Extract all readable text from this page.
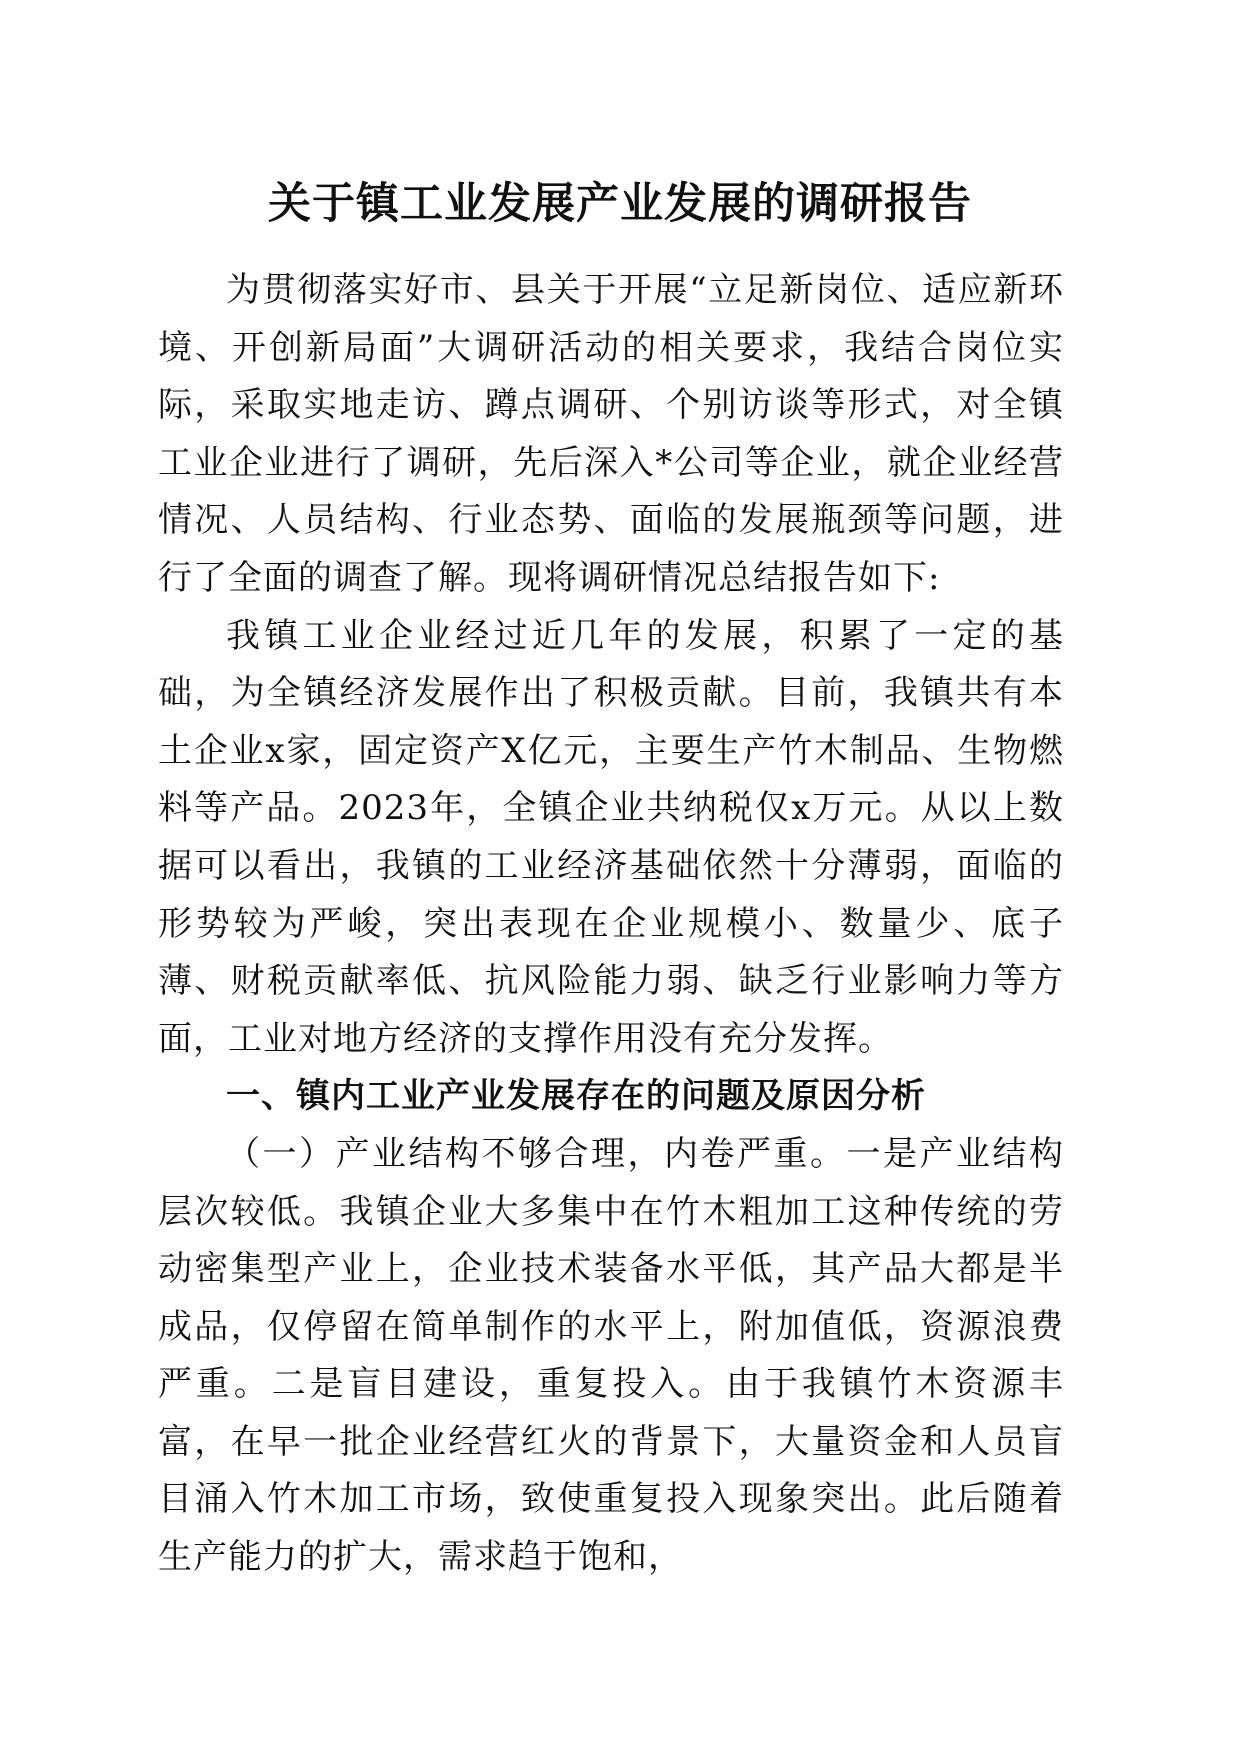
关于镇工业发展产业发展的调研报告

为贯彻落实好市、县关于开展“立足新岗位、适应新环境、开创新局面”大调研活动的相关要求，我结合岗位实际，采取实地走访、蹲点调研、个别访谈等形式，对全镇工业企业进行了调研，先后深入*公司等企业，就企业经营情况、人员结构、行业态势、面临的发展瓶颈等问题，进行了全面的调查了解。现将调研情况总结报告如下:

我镇工业企业经过近几年的发展，积累了一定的基础，为全镇经济发展作出了积极贡献。目前，我镇共有本土企业x家，固定资产X亿元，主要生产竹木制品、生物燃料等产品。2023年，全镇企业共纳税仅x万元。从以上数据可以看出，我镇的工业经济基础依然十分薄弱，面临的形势较为严峻，突出表现在企业规模小、数量少、底子薄、财税贡献率低、抗风险能力弱、缺乏行业影响力等方面，工业对地方经济的支撑作用没有充分发挥。

一、镇内工业产业发展存在的问题及原因分析

（一）产业结构不够合理，内卷严重。一是产业结构层次较低。我镇企业大多集中在竹木粗加工这种传统的劳动密集型产业上，企业技术装备水平低，其产品大都是半成品，仅停留在简单制作的水平上，附加值低，资源浪费严重。二是盲目建设，重复投入。由于我镇竹木资源丰富，在早一批企业经营红火的背景下，大量资金和人员盲目涌入竹木加工市场，致使重复投入现象突出。此后随着生产能力的扩大，需求趋于饱和，
